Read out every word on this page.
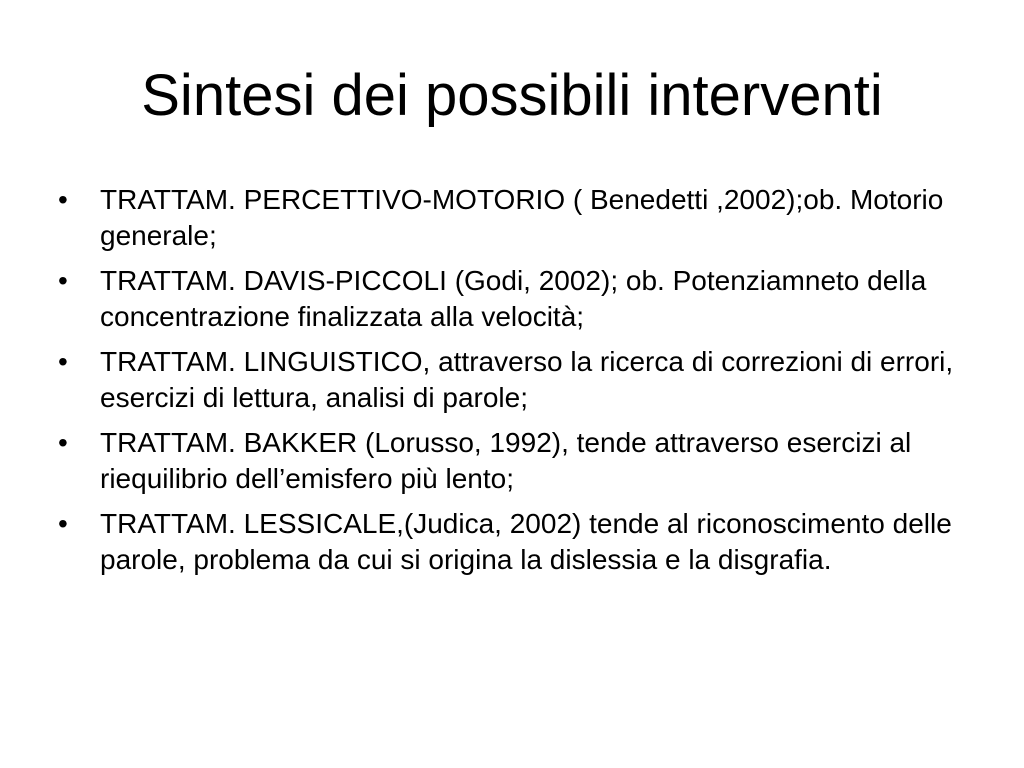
Sintesi dei possibili interventi
•	TRATTAM. PERCETTIVO-MOTORIO ( Benedetti ,2002);ob. Motorio generale;
•	TRATTAM. DAVIS-PICCOLI (Godi, 2002); ob. Potenziamneto della concentrazione finalizzata alla velocità;
•	TRATTAM. LINGUISTICO, attraverso la ricerca di correzioni di errori, esercizi di lettura, analisi di parole;
•	TRATTAM. BAKKER (Lorusso, 1992), tende attraverso esercizi al riequilibrio dell’emisfero più lento;
•	TRATTAM. LESSICALE,(Judica, 2002) tende al riconoscimento delle parole, problema da cui si origina la dislessia e la disgrafia.
